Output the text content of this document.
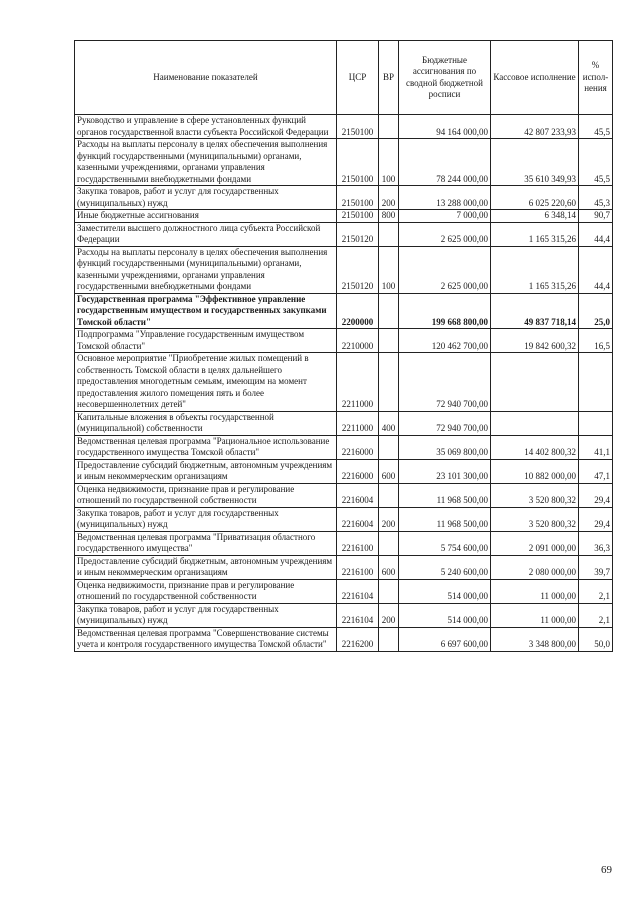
Наименование показателей	ЦСР	ВР	Бюджетные ассигнования по сводной бюджетной росписи	Кассовое исполнение	% испол-нения
Руководство и управление в сфере установленных функций органов государственной власти субъекта Российской Федерации	2150100		94 164 000,00	42 807 233,93	45,5
Расходы на выплаты персоналу в целях обеспечения выполнения функций государственными (муниципальными) органами, казенными учреждениями, органами управления государственными внебюджетными фондами	2150100	100	78 244 000,00	35 610 349,93	45,5
Закупка товаров, работ и услуг для государственных (муниципальных) нужд	2150100	200	13 288 000,00	6 025 220,60	45,3
Иные бюджетные ассигнования	2150100	800	7 000,00	6 348,14	90,7
Заместители высшего должностного лица субъекта Российской Федерации	2150120		2 625 000,00	1 165 315,26	44,4
Расходы на выплаты персоналу в целях обеспечения выполнения функций государственными (муниципальными) органами, казенными учреждениями, органами управления государственными внебюджетными фондами	2150120	100	2 625 000,00	1 165 315,26	44,4
Государственная программа "Эффективное управление государственным имуществом и государственных закупками Томской области"	2200000		199 668 800,00	49 837 718,14	25,0
Подпрограмма "Управление государственным имуществом Томской области"	2210000		120 462 700,00	19 842 600,32	16,5
Основное мероприятие "Приобретение жилых помещений в собственность Томской области в целях дальнейшего предоставления многодетным семьям, имеющим на момент предоставления жилого помещения пять и более несовершеннолетних детей"	2211000		72 940 700,00		
Капитальные вложения в объекты государственной (муниципальной) собственности	2211000	400	72 940 700,00		
Ведомственная целевая программа "Рациональное использование государственного имущества Томской области"	2216000		35 069 800,00	14 402 800,32	41,1
Предоставление субсидий бюджетным, автономным учреждениям и иным некоммерческим организациям	2216000	600	23 101 300,00	10 882 000,00	47,1
Оценка недвижимости, признание прав и регулирование отношений по государственной собственности	2216004		11 968 500,00	3 520 800,32	29,4
Закупка товаров, работ и услуг для государственных (муниципальных) нужд	2216004	200	11 968 500,00	3 520 800,32	29,4
Ведомственная целевая программа "Приватизация областного государственного имущества"	2216100		5 754 600,00	2 091 000,00	36,3
Предоставление субсидий бюджетным, автономным учреждениям и иным некоммерческим организациям	2216100	600	5 240 600,00	2 080 000,00	39,7
Оценка недвижимости, признание прав и регулирование отношений по государственной собственности	2216104		514 000,00	11 000,00	2,1
Закупка товаров, работ и услуг для государственных (муниципальных) нужд	2216104	200	514 000,00	11 000,00	2,1
Ведомственная целевая программа "Совершенствование системы учета и контроля государственного имущества Томской области"	2216200		6 697 600,00	3 348 800,00	50,0
69
